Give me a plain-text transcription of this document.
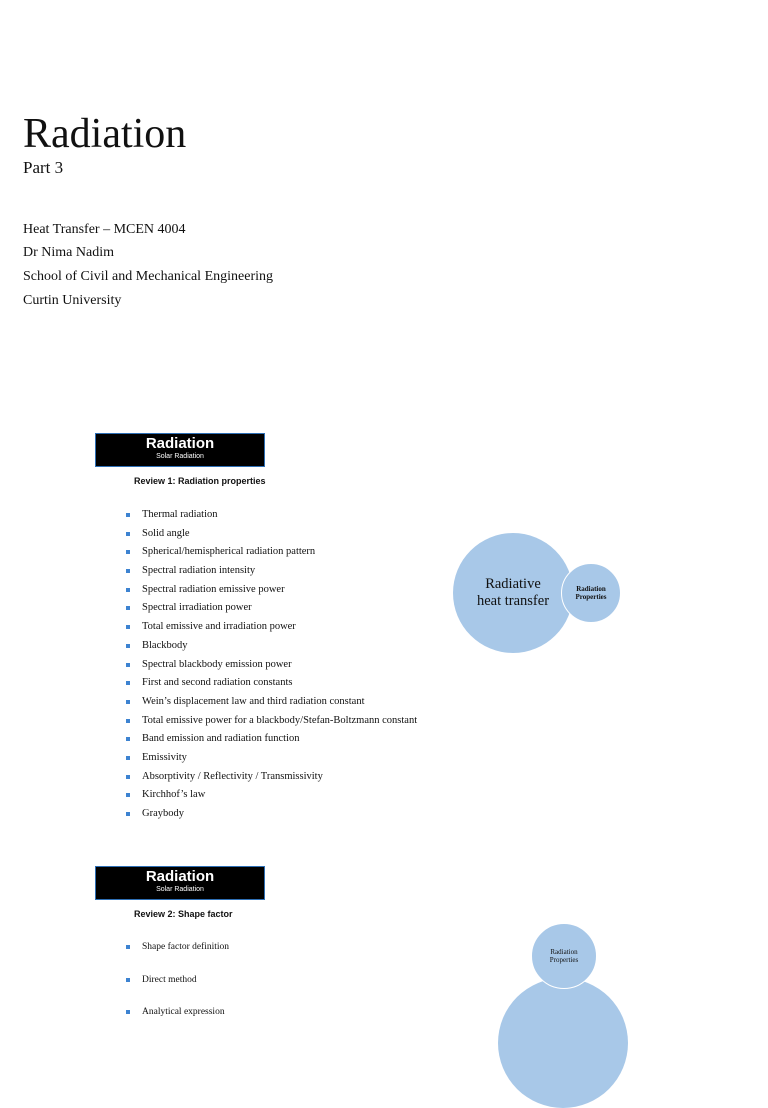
Radiation
Part 3
Heat Transfer – MCEN 4004
Dr Nima Nadim
School of Civil and Mechanical Engineering
Curtin University
Radiation
Solar Radiation
Review 1: Radiation properties
Thermal radiation
Solid angle
Spherical/hemispherical radiation pattern
Spectral radiation intensity
Spectral radiation emissive power
Spectral irradiation power
Total emissive and irradiation power
Blackbody
Spectral blackbody emission power
First and second radiation constants
Wein’s displacement law and third radiation constant
Total emissive power for a blackbody/Stefan-Boltzmann constant
Band emission and radiation function
Emissivity
Absorptivity / Reflectivity / Transmissivity
Kirchhof’s law
Graybody
Radiative
heat transfer
Radiation
Properties
Radiation
Solar Radiation
Review 2: Shape factor
Shape factor definition
Direct method
Analytical expression
Radiation
Properties
